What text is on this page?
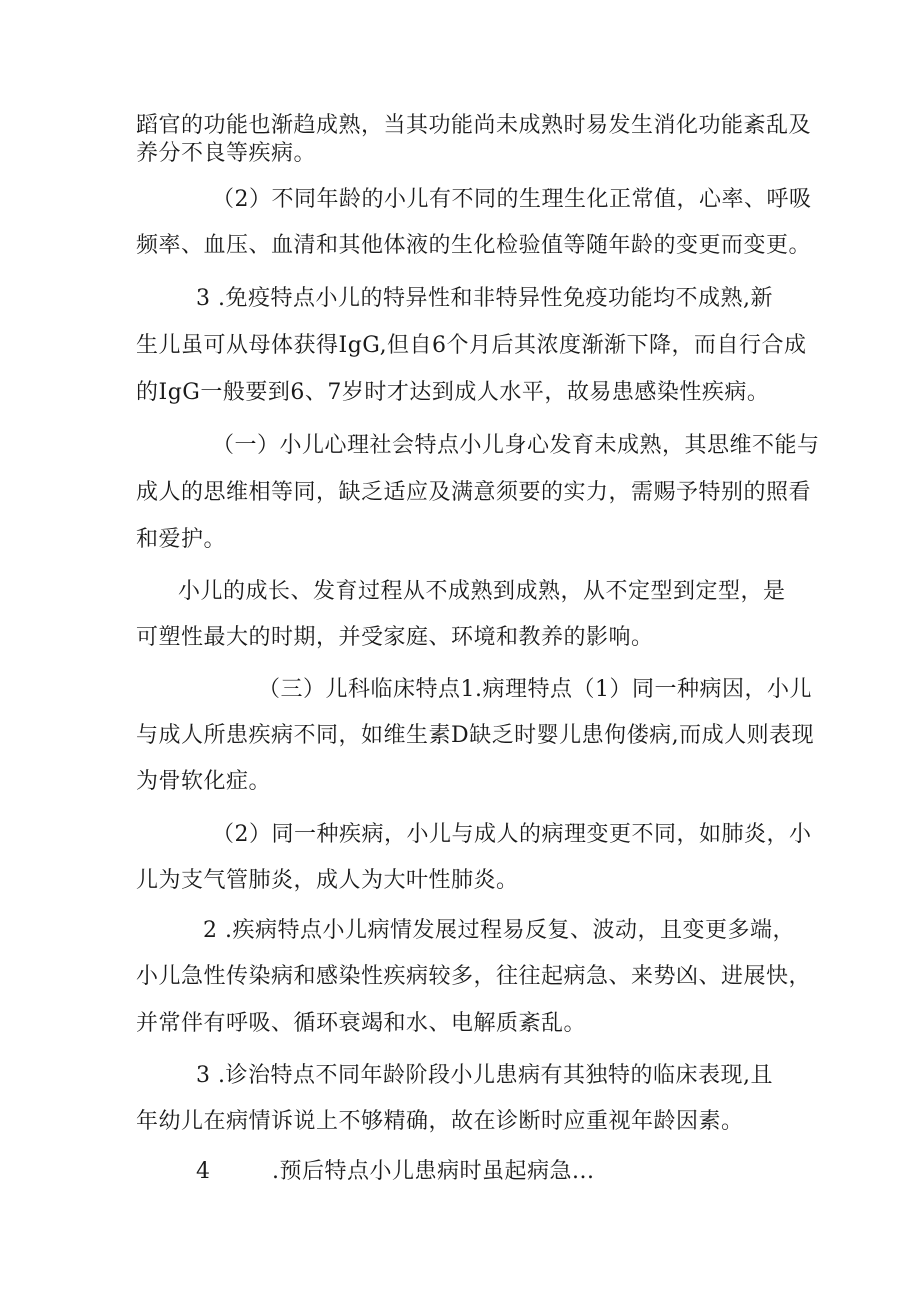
蹈官的功能也渐趋成熟，当其功能尚未成熟时易发生消化功能紊乱及
养分不良等疾病。
（2）不同年龄的小儿有不同的生理生化正常值，心率、呼吸
频率、血压、血清和其他体液的生化检验值等随年龄的变更而变更。
3 .免疫特点小儿的特异性和非特异性免疫功能均不成熟,新
生儿虽可从母体获得IgG,但自6个月后其浓度渐渐下降，而自行合成
的IgG一般要到6、7岁时才达到成人水平，故易患感染性疾病。
（一）小儿心理社会特点小儿身心发育未成熟，其思维不能与
成人的思维相等同，缺乏适应及满意须要的实力，需赐予特别的照看
和爱护。
小儿的成长、发育过程从不成熟到成熟，从不定型到定型，是
可塑性最大的时期，并受家庭、环境和教养的影响。
（三）儿科临床特点1.病理特点（1）同一种病因，小儿
与成人所患疾病不同，如维生素D缺乏时婴儿患佝偻病,而成人则表现
为骨软化症。
（2）同一种疾病，小儿与成人的病理变更不同，如肺炎，小
儿为支气管肺炎，成人为大叶性肺炎。
2 .疾病特点小儿病情发展过程易反复、波动，且变更多端，
小儿急性传染病和感染性疾病较多，往往起病急、来势凶、进展快，
并常伴有呼吸、循环衰竭和水、电解质紊乱。
3 .诊治特点不同年龄阶段小儿患病有其独特的临床表现,且
年幼儿在病情诉说上不够精确，故在诊断时应重视年龄因素。
4	.预后特点小儿患病时虽起病急...
